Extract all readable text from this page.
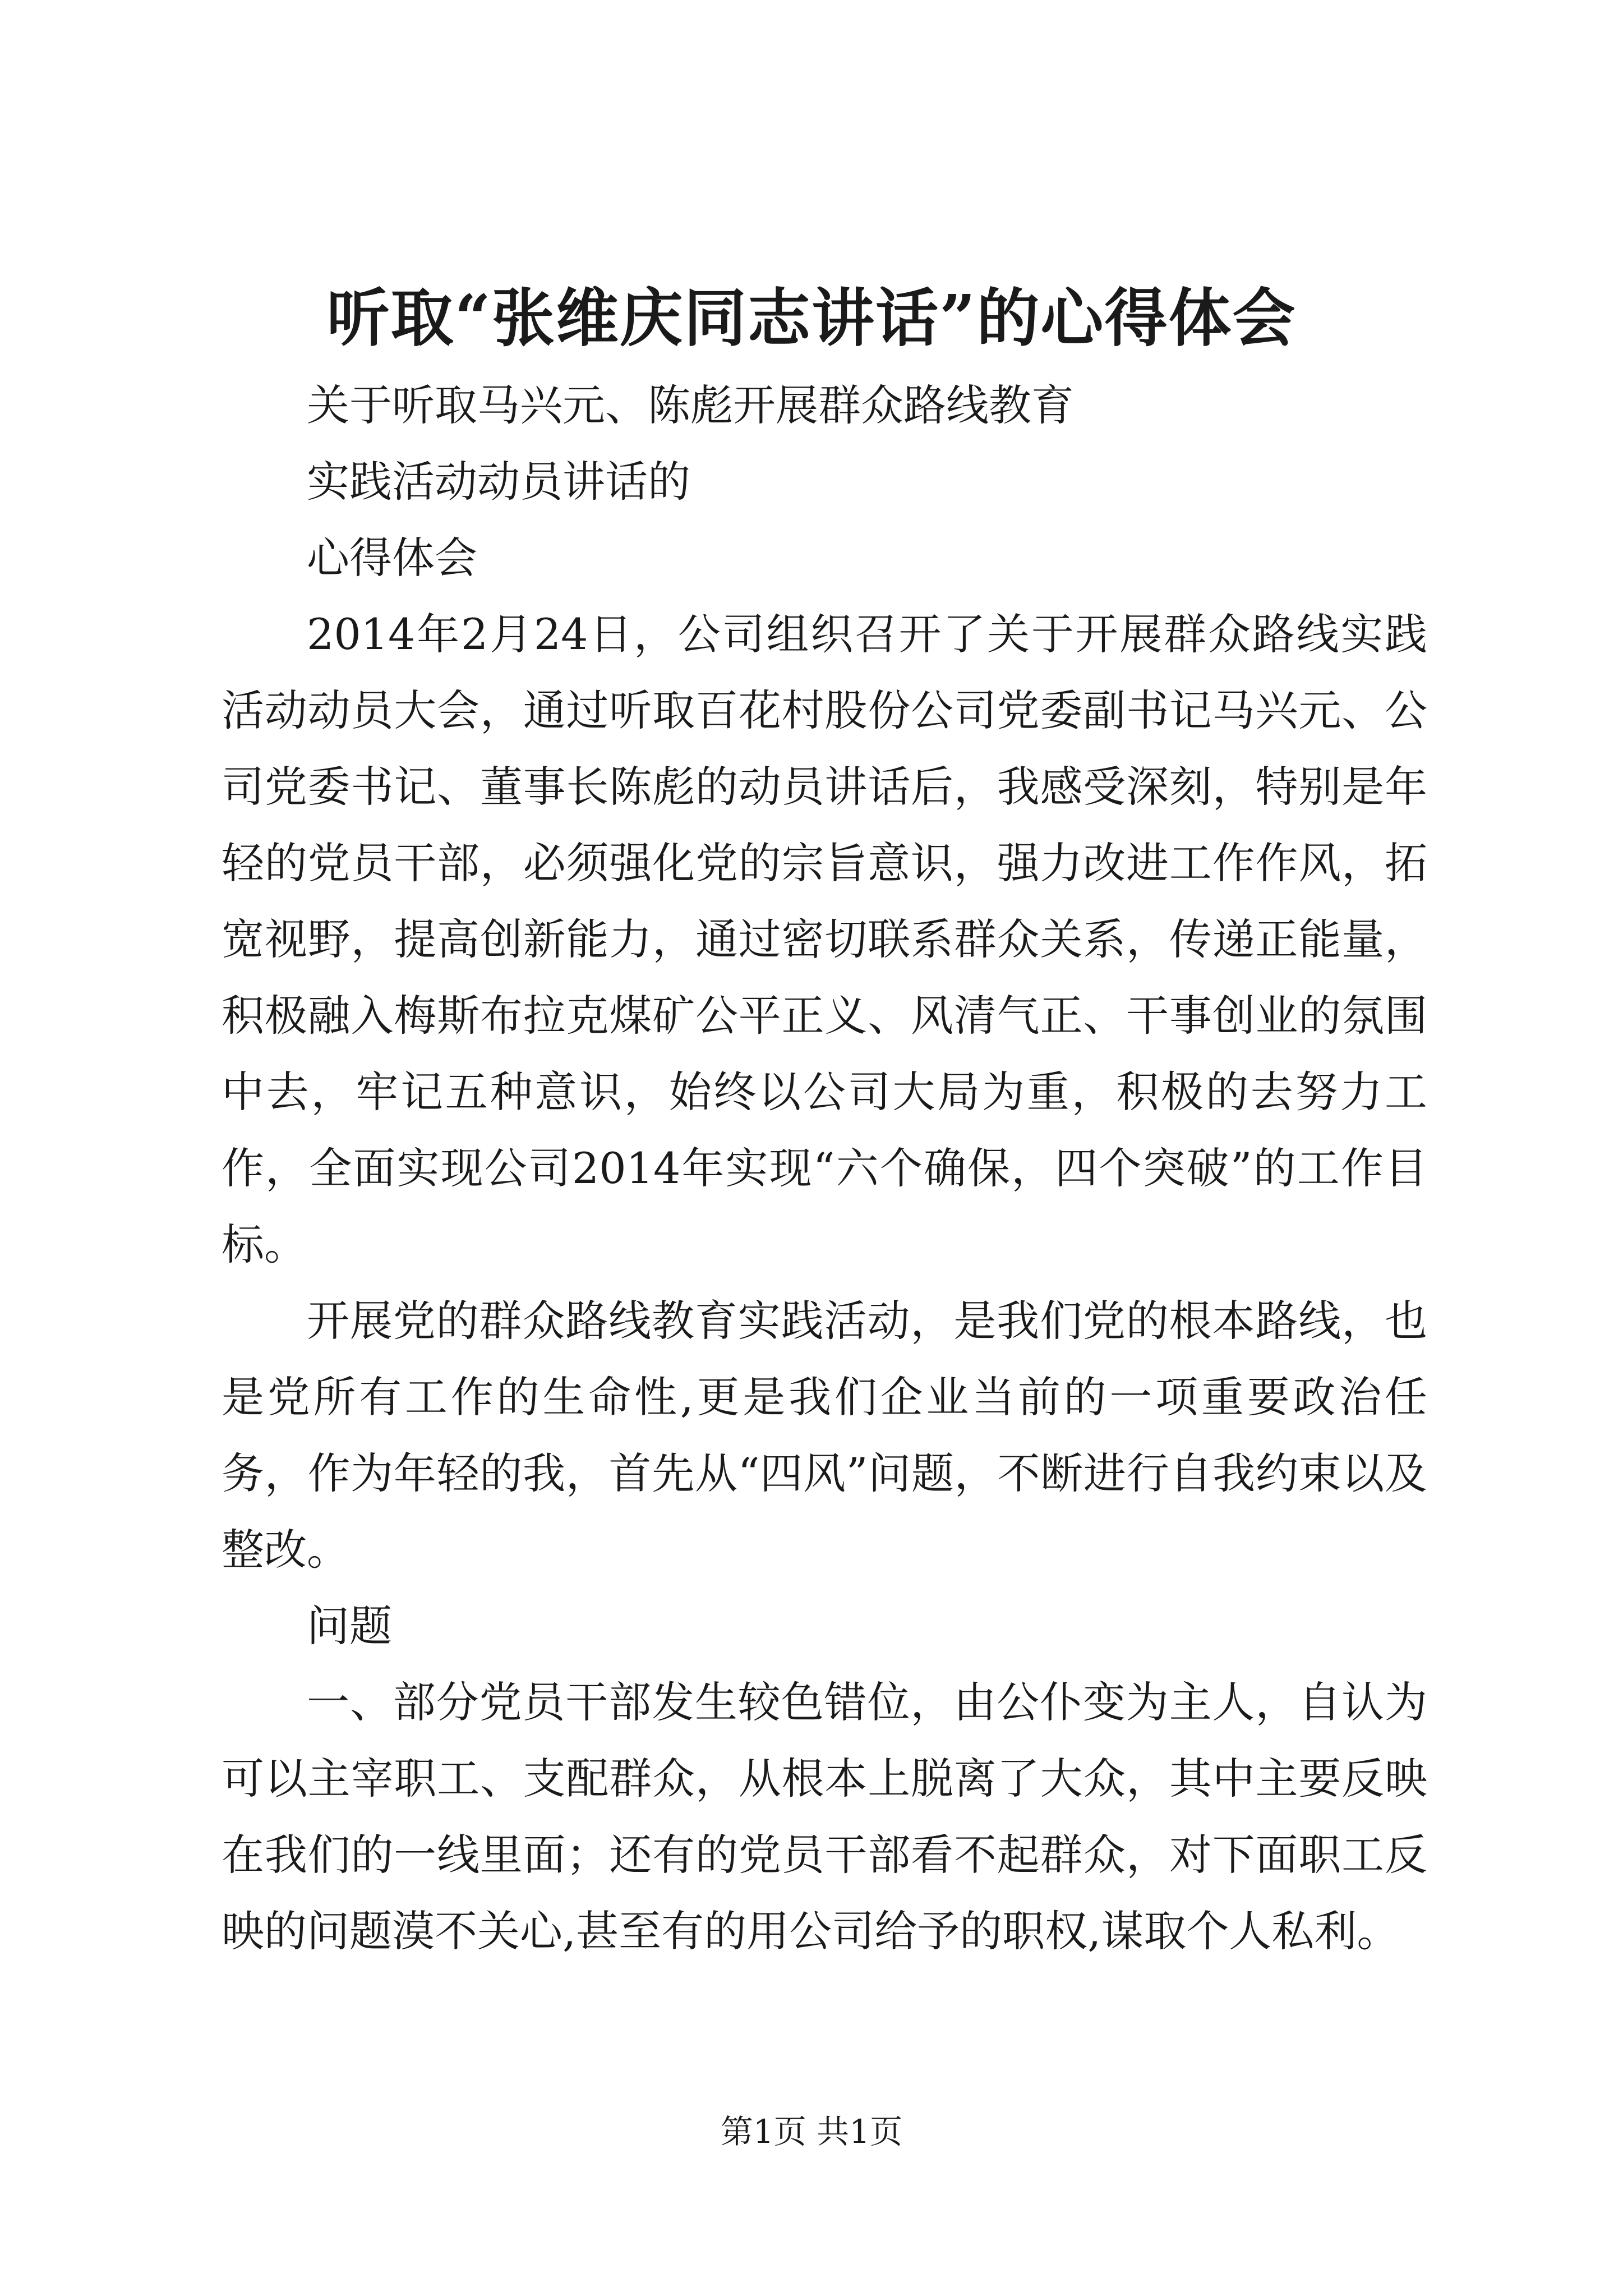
听取“张维庆同志讲话”的心得体会

关于听取马兴元、陈彪开展群众路线教育

实践活动动员讲话的

心得体会

2014年2月24日，公司组织召开了关于开展群众路线实践活动动员大会，通过听取百花村股份公司党委副书记马兴元、公司党委书记、董事长陈彪的动员讲话后，我感受深刻，特别是年轻的党员干部，必须强化党的宗旨意识，强力改进工作作风，拓宽视野，提高创新能力，通过密切联系群众关系，传递正能量，积极融入梅斯布拉克煤矿公平正义、风清气正、干事创业的氛围中去，牢记五种意识，始终以公司大局为重，积极的去努力工作，全面实现公司2014年实现“六个确保，四个突破”的工作目标。

开展党的群众路线教育实践活动，是我们党的根本路线，也是党所有工作的生命性,更是我们企业当前的一项重要政治任务，作为年轻的我，首先从“四风”问题，不断进行自我约束以及整改。

问题

一、部分党员干部发生较色错位，由公仆变为主人，自认为可以主宰职工、支配群众，从根本上脱离了大众，其中主要反映在我们的一线里面；还有的党员干部看不起群众，对下面职工反映的问题漠不关心,甚至有的用公司给予的职权,谋取个人私利。

第1页 共1页
